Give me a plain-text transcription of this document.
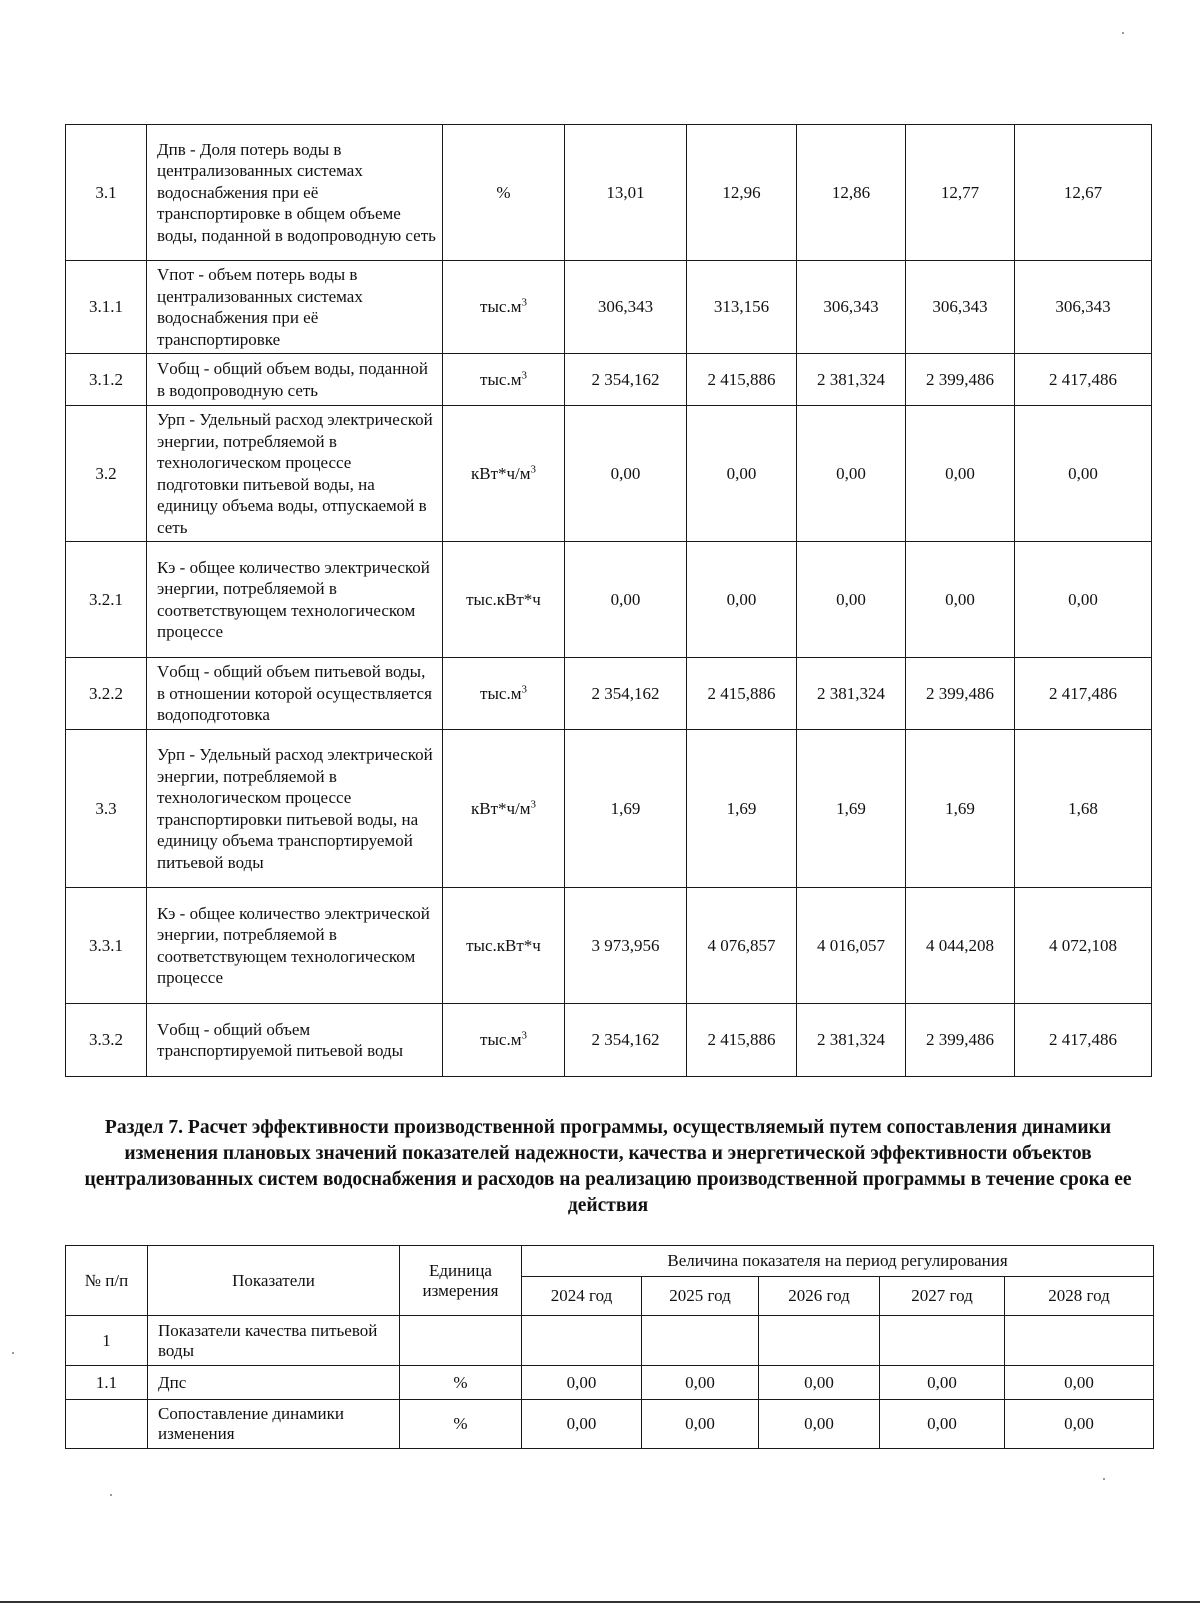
3.1	Дпв - Доля потерь воды в централизованных системах водоснабжения при её транспортировке в общем объеме воды, поданной в водопроводную сеть	%	13,01	12,96	12,86	12,77	12,67
3.1.1	Vпот - объем потерь воды в централизованных системах водоснабжения при её транспортировке	$тыс.м^3$	306,343	313,156	306,343	306,343	306,343
3.1.2	Vобщ - общий объем воды, поданной в водопроводную сеть	$тыс.м^3$	2 354,162	2 415,886	2 381,324	2 399,486	2 417,486
3.2	Урп - Удельный расход электрической энергии, потребляемой в технологическом процессе подготовки питьевой воды, на единицу объема воды, отпускаемой в сеть	$кВт*ч/м^3$	0,00	0,00	0,00	0,00	0,00
3.2.1	Кэ - общее количество электрической энергии, потребляемой в соответствующем технологическом процессе	тыс.кВт*ч	0,00	0,00	0,00	0,00	0,00
3.2.2	Vобщ - общий объем питьевой воды, в отношении которой осуществляется водоподготовка	$тыс.м^3$	2 354,162	2 415,886	2 381,324	2 399,486	2 417,486
3.3	Урп - Удельный расход электрической энергии, потребляемой в технологическом процессе транспортировки питьевой воды, на единицу объема транспортируемой питьевой воды	$кВт*ч/м^3$	1,69	1,69	1,69	1,69	1,68
3.3.1	Кэ - общее количество электрической энергии, потребляемой в соответствующем технологическом процессе	тыс.кВт*ч	3 973,956	4 076,857	4 016,057	4 044,208	4 072,108
3.3.2	Vобщ - общий объем транспортируемой питьевой воды	$тыс.м^3$	2 354,162	2 415,886	2 381,324	2 399,486	2 417,486
Раздел 7. Расчет эффективности производственной программы, осуществляемый путем сопоставления динамики изменения плановых значений показателей надежности, качества и энергетической эффективности объектов централизованных систем водоснабжения и расходов на реализацию производственной программы в течение срока ее действия
№ п/п	Показатели	Единица измерения	Величина показателя на период регулирования				
			2024 год	2025 год	2026 год	2027 год	2028 год
1	Показатели качества питьевой воды						
1.1	Дпс	%	0,00	0,00	0,00	0,00	0,00
	Сопоставление динамики изменения	%	0,00	0,00	0,00	0,00	0,00
